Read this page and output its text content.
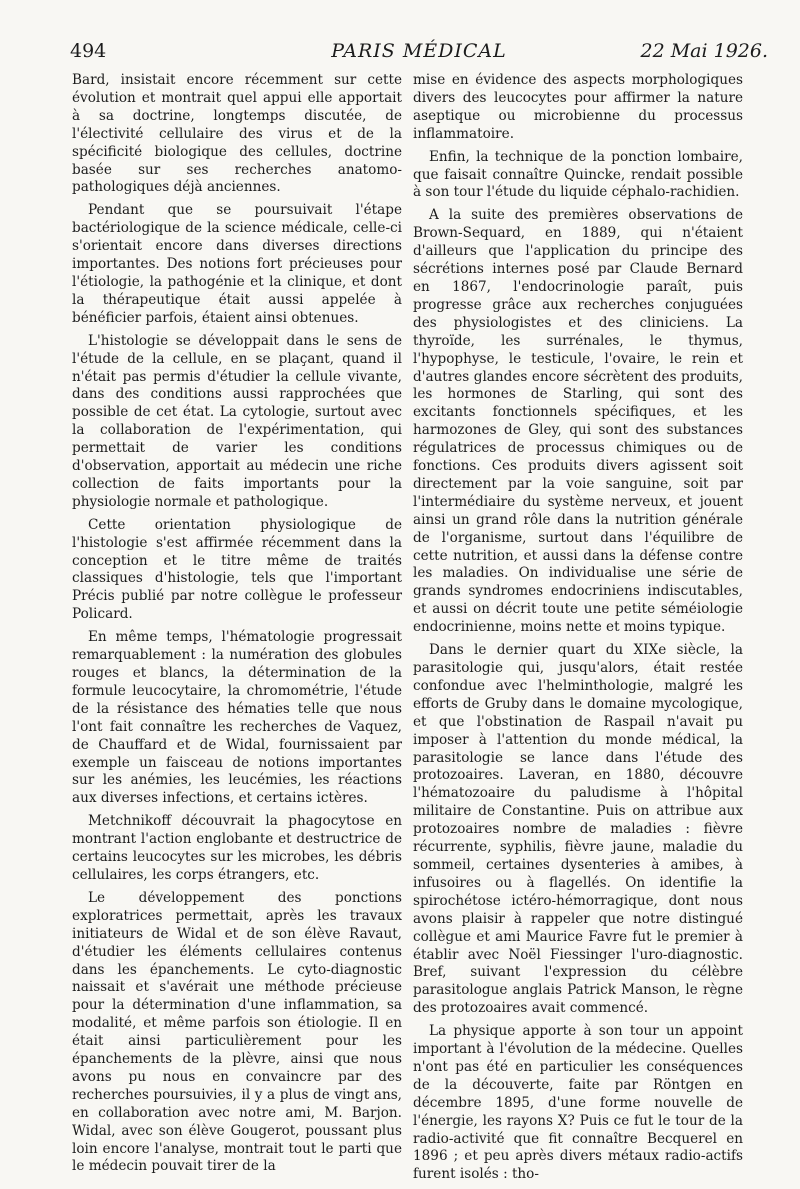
494	PARIS MÉDICAL	22 Mai 1926.

Bard, insistait encore récemment sur cette évolution et montrait quel appui elle apportait à sa doctrine, longtemps discutée, de l'électivité cellulaire des virus et de la spécificité biologique des cellules, doctrine basée sur ses recherches anatomo-pathologiques déjà anciennes.

Pendant que se poursuivait l'étape bactériologique de la science médicale, celle-ci s'orientait encore dans diverses directions importantes. Des notions fort précieuses pour l'étiologie, la pathogénie et la clinique, et dont la thérapeutique était aussi appelée à bénéficier parfois, étaient ainsi obtenues.

L'histologie se développait dans le sens de l'étude de la cellule, en se plaçant, quand il n'était pas permis d'étudier la cellule vivante, dans des conditions aussi rapprochées que possible de cet état. La cytologie, surtout avec la collaboration de l'expérimentation, qui permettait de varier les conditions d'observation, apportait au médecin une riche collection de faits importants pour la physiologie normale et pathologique.

Cette orientation physiologique de l'histologie s'est affirmée récemment dans la conception et le titre même de traités classiques d'histologie, tels que l'important Précis publié par notre collègue le professeur Policard.

En même temps, l'hématologie progressait remarquablement : la numération des globules rouges et blancs, la détermination de la formule leucocytaire, la chromométrie, l'étude de la résistance des hématies telle que nous l'ont fait connaître les recherches de Vaquez, de Chauffard et de Widal, fournissaient par exemple un faisceau de notions importantes sur les anémies, les leucémies, les réactions aux diverses infections, et certains ictères.

Metchnikoff découvrait la phagocytose en montrant l'action englobante et destructrice de certains leucocytes sur les microbes, les débris cellulaires, les corps étrangers, etc.

Le développement des ponctions exploratrices permettait, après les travaux initiateurs de Widal et de son élève Ravaut, d'étudier les éléments cellulaires contenus dans les épanchements. Le cyto-diagnostic naissait et s'avérait une méthode précieuse pour la détermination d'une inflammation, sa modalité, et même parfois son étiologie. Il en était ainsi particulièrement pour les épanchements de la plèvre, ainsi que nous avons pu nous en convaincre par des recherches poursuivies, il y a plus de vingt ans, en collaboration avec notre ami, M. Barjon. Widal, avec son élève Gougerot, poussant plus loin encore l'analyse, montrait tout le parti que le médecin pouvait tirer de la

mise en évidence des aspects morphologiques divers des leucocytes pour affirmer la nature aseptique ou microbienne du processus inflammatoire.

Enfin, la technique de la ponction lombaire, que faisait connaître Quincke, rendait possible à son tour l'étude du liquide céphalo-rachidien.

A la suite des premières observations de Brown-Sequard, en 1889, qui n'étaient d'ailleurs que l'application du principe des sécrétions internes posé par Claude Bernard en 1867, l'endocrinologie paraît, puis progresse grâce aux recherches conjuguées des physiologistes et des cliniciens. La thyroïde, les surrénales, le thymus, l'hypophyse, le testicule, l'ovaire, le rein et d'autres glandes encore sécrètent des produits, les hormones de Starling, qui sont des excitants fonctionnels spécifiques, et les harmozones de Gley, qui sont des substances régulatrices de processus chimiques ou de fonctions. Ces produits divers agissent soit directement par la voie sanguine, soit par l'intermédiaire du système nerveux, et jouent ainsi un grand rôle dans la nutrition générale de l'organisme, surtout dans l'équilibre de cette nutrition, et aussi dans la défense contre les maladies. On individualise une série de grands syndromes endocriniens indiscutables, et aussi on décrit toute une petite séméiologie endocrinienne, moins nette et moins typique.

Dans le dernier quart du XIXe siècle, la parasitologie qui, jusqu'alors, était restée confondue avec l'helminthologie, malgré les efforts de Gruby dans le domaine mycologique, et que l'obstination de Raspail n'avait pu imposer à l'attention du monde médical, la parasitologie se lance dans l'étude des protozoaires. Laveran, en 1880, découvre l'hématozoaire du paludisme à l'hôpital militaire de Constantine. Puis on attribue aux protozoaires nombre de maladies : fièvre récurrente, syphilis, fièvre jaune, maladie du sommeil, certaines dysenteries à amibes, à infusoires ou à flagellés. On identifie la spirochétose ictéro-hémorragique, dont nous avons plaisir à rappeler que notre distingué collègue et ami Maurice Favre fut le premier à établir avec Noël Fiessinger l'uro-diagnostic. Bref, suivant l'expression du célèbre parasitologue anglais Patrick Manson, le règne des protozoaires avait commencé.

La physique apporte à son tour un appoint important à l'évolution de la médecine. Quelles n'ont pas été en particulier les conséquences de la découverte, faite par Röntgen en décembre 1895, d'une forme nouvelle de l'énergie, les rayons X? Puis ce fut le tour de la radio-activité que fit connaître Becquerel en 1896 ; et peu après divers métaux radio-actifs furent isolés : tho-
